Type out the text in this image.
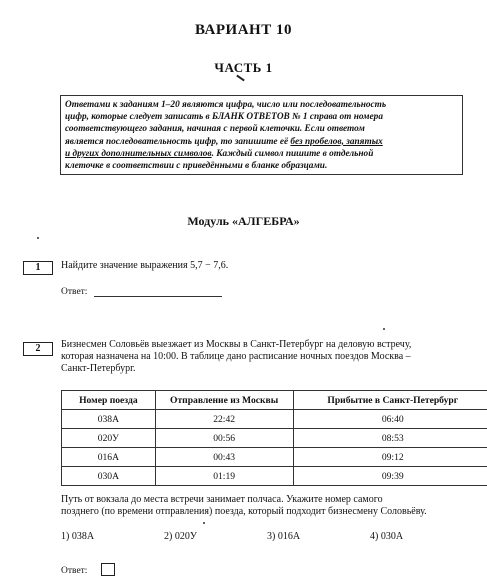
ВАРИАНТ 10
ЧАСТЬ 1
Ответами к заданиям 1–20 являются цифра, число или последовательность
цифр, которые следует записать в БЛАНК ОТВЕТОВ № 1 справа от номера
соответствующего задания, начиная с первой клеточки. Если ответом
является последовательность цифр, то запишите её без пробелов, запятых
и других дополнительных символов. Каждый символ пишите в отдельной
клеточке в соответствии с приведёнными в бланке образцами.
Модуль «АЛГЕБРА»
1	Найдите значение выражения 5,7 − 7,6.
Ответ:
2	Бизнесмен Соловьёв выезжает из Москвы в Санкт-Петербург на деловую встречу,
которая назначена на 10:00. В таблице дано расписание ночных поездов Москва –
Санкт-Петербург.
Номер поезда	Отправление из Москвы	Прибытие в Санкт-Петербург
038А	22:42	06:40
020У	00:56	08:53
016А	00:43	09:12
030А	01:19	09:39
Путь от вокзала до места встречи занимает полчаса. Укажите номер самого
позднего (по времени отправления) поезда, который подходит бизнесмену Соловьёву.
1) 038А	2) 020У	3) 016А	4) 030А
Ответ:
